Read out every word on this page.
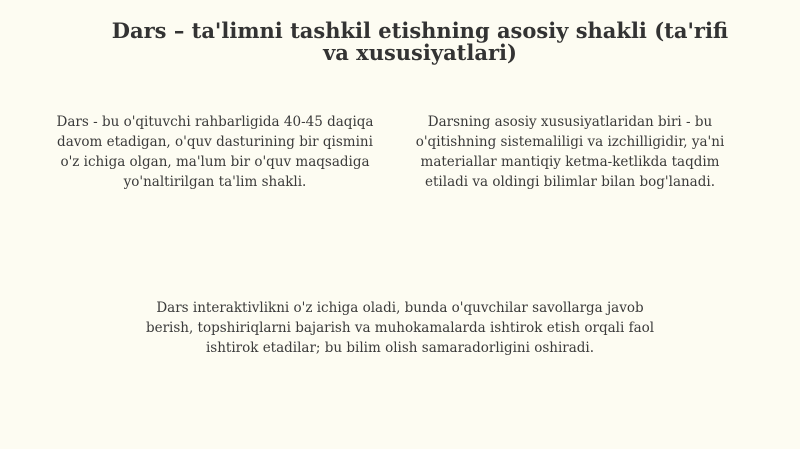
Dars – ta'limni tashkil etishning asosiy shakli (ta'rifi va xususiyatlari)

Dars - bu o'qituvchi rahbarligida 40-45 daqiqa davom etadigan, o'quv dasturining bir qismini o'z ichiga olgan, ma'lum bir o'quv maqsadiga yo'naltirilgan ta'lim shakli.

Darsning asosiy xususiyatlaridan biri - bu o'qitishning sistemaliligi va izchilligidir, ya'ni materiallar mantiqiy ketma-ketlikda taqdim etiladi va oldingi bilimlar bilan bog'lanadi.

Dars interaktivlikni o'z ichiga oladi, bunda o'quvchilar savollarga javob berish, topshiriqlarni bajarish va muhokamalarda ishtirok etish orqali faol ishtirok etadilar; bu bilim olish samaradorligini oshiradi.
